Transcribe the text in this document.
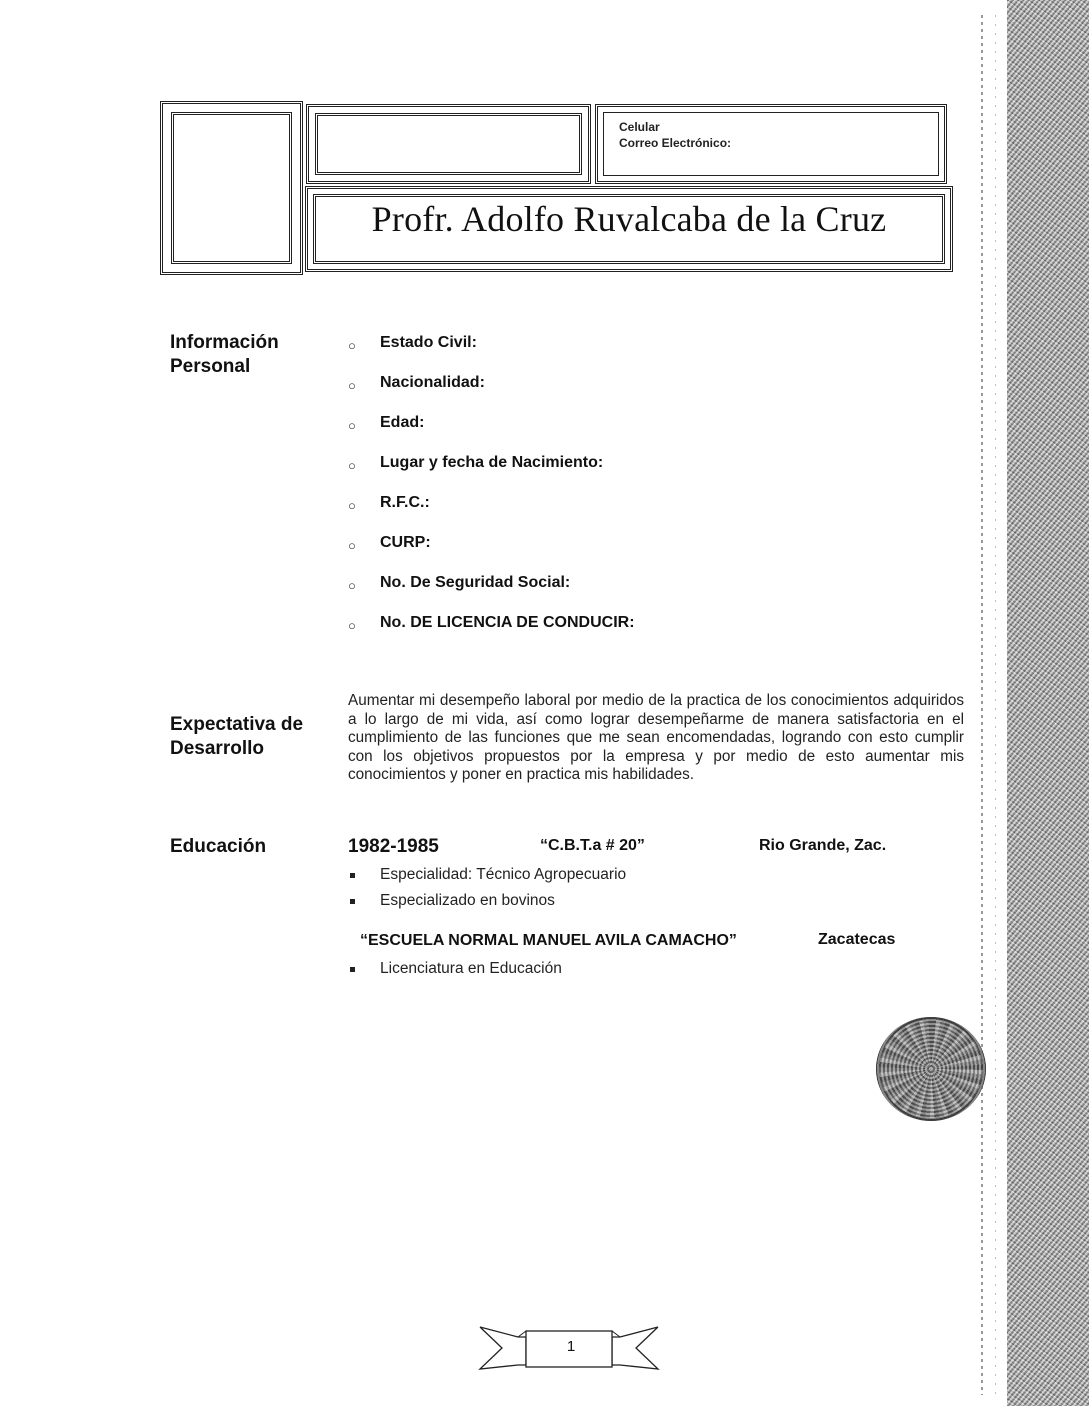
Celular
Correo Electrónico:
Profr. Adolfo Ruvalcaba de la Cruz
Información
Personal
○	Estado Civil:
○	Nacionalidad:
○	Edad:
○	Lugar y fecha de Nacimiento:
○	R.F.C.:
○	CURP:
○	No. De Seguridad Social:
○	No. DE LICENCIA DE CONDUCIR:
Expectativa de
Desarrollo
Aumentar mi desempeño laboral por medio de la practica de los conocimientos adquiridos a lo largo de mi vida, así como lograr desempeñarme de manera satisfactoria en el cumplimiento de las funciones que me sean encomendadas, logrando con esto cumplir con los objetivos propuestos por la empresa y por medio de esto aumentar mis conocimientos y poner en practica mis habilidades.
Educación	1982-1985	“C.B.T.a # 20”	Rio Grande, Zac.
Especialidad: Técnico Agropecuario
Especializado en bovinos
“ESCUELA NORMAL MANUEL AVILA CAMACHO”	Zacatecas
Licenciatura en Educación
1
